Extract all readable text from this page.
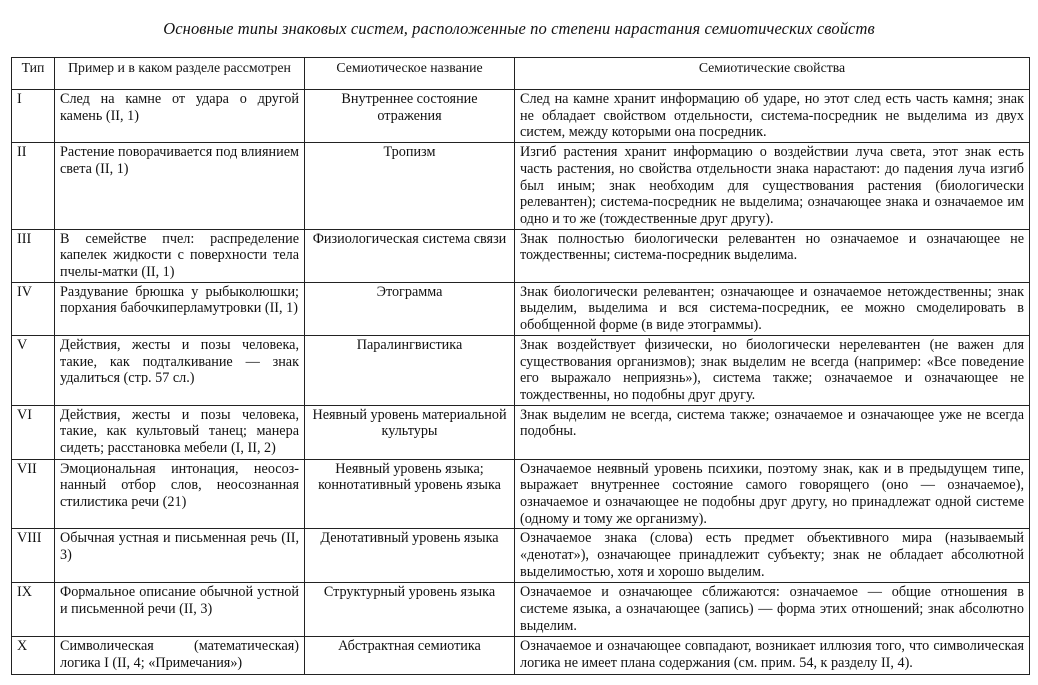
Основные типы знаковых систем, расположенные по степени нарастания семиотических свойств
Тип	Пример и в каком разделе рассмотрен	Семиотическое название	Семиотические свойства
I	След на камне от удара о другой камень (II, 1)	Внутреннее состояние отражения	След на камне хранит информацию об ударе, но этот след есть часть камня; знак не обладает свойством отдельности, система-посредник не выделима из двух систем, между которыми она посредник.
II	Растение поворачивается под влиянием света (II, 1)	Тропизм	Изгиб растения хранит информацию о воздействии луча света, этот знак есть часть растения, но свойства отдельности знака нарастают: до падения луча изгиб был иным; знак необходим для существования растения (биологически релевантен); система-посредник не выделима; означающее знака и означаемое им одно и то же (тождественные друг другу).
III	В семействе пчел: распределение капелек жидкости с поверхности тела пчелы-матки (II, 1)	Физиологическая система связи	Знак полностью биологически релевантен но означаемое и означающее не тождественны; система-посредник выделима.
IV	Раздувание брюшка у рыбыколюшки; порхания бабочкиперламутровки (II, 1)	Этограмма	Знак биологически релевантен; означающее и означаемое нетождественны; знак выделим, выделима и вся система-посредник, ее можно смоделировать в обобщенной форме (в виде этограммы).
V	Действия, жесты и позы человека, такие, как подталкивание — знак удалиться (стр. 57 сл.)	Паралингвистика	Знак воздействует физически, но биологически нерелевантен (не важен для существования организмов); знак выделим не всегда (например: «Все поведение его выражало неприязнь»), система также; означаемое и означающее не тождественны, но подобны друг другу.
VI	Действия, жесты и позы человека, такие, как культовый танец; манера сидеть; расстановка мебели (I, II, 2)	Неявный уровень материальной культуры	Знак выделим не всегда, система также; означаемое и означающее уже не всегда подобны.
VII	Эмоциональная интонация, неосознанный отбор слов, неосознанная стилистика речи (21)	Неявный уровень языка; коннотативный уровень языка	Означаемое неявный уровень психики, поэтому знак, как и в предыдущем типе, выражает внутреннее состояние самого говорящего (оно — означаемое), означаемое и означающее не подобны друг другу, но принадлежат одной системе (одному и тому же организму).
VIII	Обычная устная и письменная речь (II, 3)	Денотативный уровень языка	Означаемое знака (слова) есть предмет объективного мира (называемый «денотат»), означающее принадлежит субъекту; знак не обладает абсолютной выделимостью, хотя и хорошо выделим.
IX	Формальное описание обычной устной и письменной речи (II, 3)	Структурный уровень языка	Означаемое и означающее сближаются: означаемое — общие отношения в системе языка, а означающее (запись) — форма этих отношений; знак абсолютно выделим.
X	Символическая (математическая) логика I (II, 4; «Примечания»)	Абстрактная семиотика	Означаемое и означающее совпадают, возникает иллюзия того, что символическая логика не имеет плана содержания (см. прим. 54, к разделу II, 4).
